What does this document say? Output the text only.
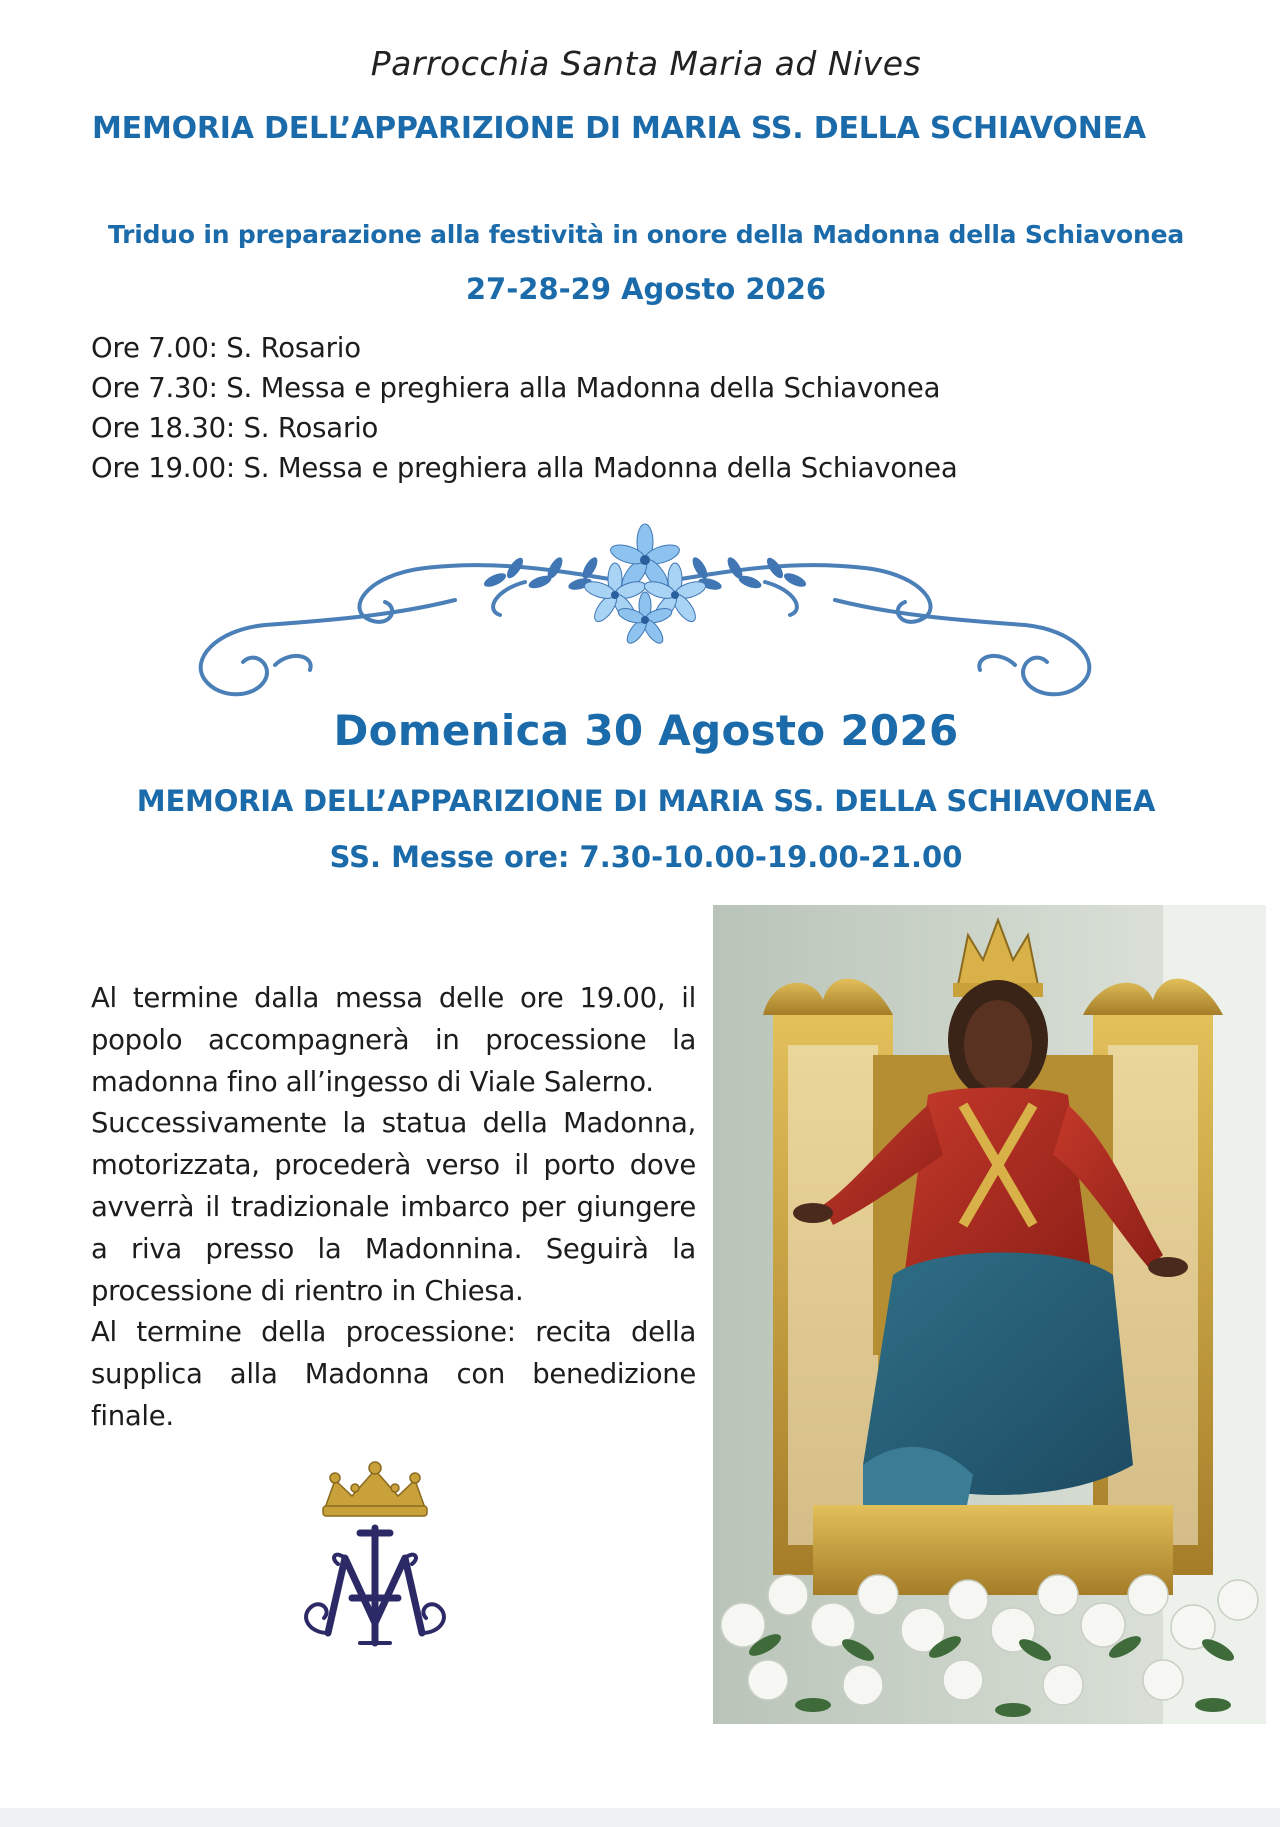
Parrocchia Santa Maria ad Nives
MEMORIA DELL’APPARIZIONE DI MARIA SS. DELLA SCHIAVONEA
Triduo in preparazione alla festività in onore della Madonna della Schiavonea
27-28-29 Agosto 2026
Ore 7.00: S. Rosario
Ore 7.30: S. Messa e preghiera alla Madonna della Schiavonea
Ore 18.30: S. Rosario
Ore 19.00: S. Messa e preghiera alla Madonna della Schiavonea
Domenica 30 Agosto 2026
MEMORIA DELL’APPARIZIONE DI MARIA SS. DELLA SCHIAVONEA
SS. Messe ore: 7.30-10.00-19.00-21.00

Al termine dalla messa delle ore 19.00, il popolo accompagnerà in processione la madonna fino all’ingesso di Viale Salerno.

Successivamente la statua della Madonna, motorizzata, procederà verso il porto dove avverrà il tradizionale imbarco per giungere a riva presso la Madonnina. Seguirà la processione di rientro in Chiesa.

Al termine della processione: recita della supplica alla Madonna con benedizione finale.
